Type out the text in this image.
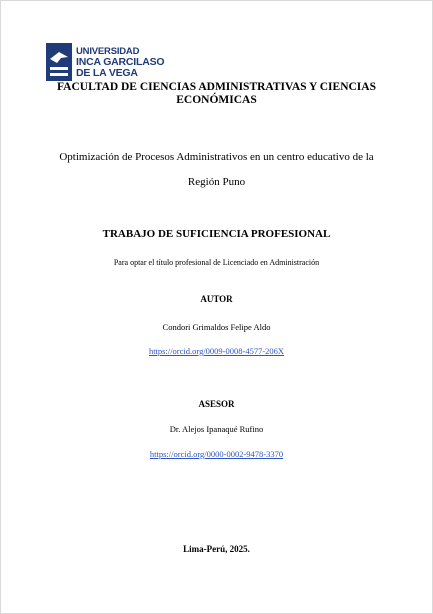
UNIVERSIDAD
INCA GARCILASO
DE LA VEGA
FACULTAD DE CIENCIAS ADMINISTRATIVAS Y CIENCIAS
ECONÓMICAS
Optimización de Procesos Administrativos en un centro educativo de la
Región Puno
TRABAJO DE SUFICIENCIA PROFESIONAL
Para optar el título profesional de Licenciado en Administración
AUTOR
Condori Grimaldos Felipe Aldo
https://orcid.org/0009-0008-4577-206X
ASESOR
Dr. Alejos Ipanaqué Rufino
https://orcid.org/0000-0002-9478-3370
Lima-Perú, 2025.
